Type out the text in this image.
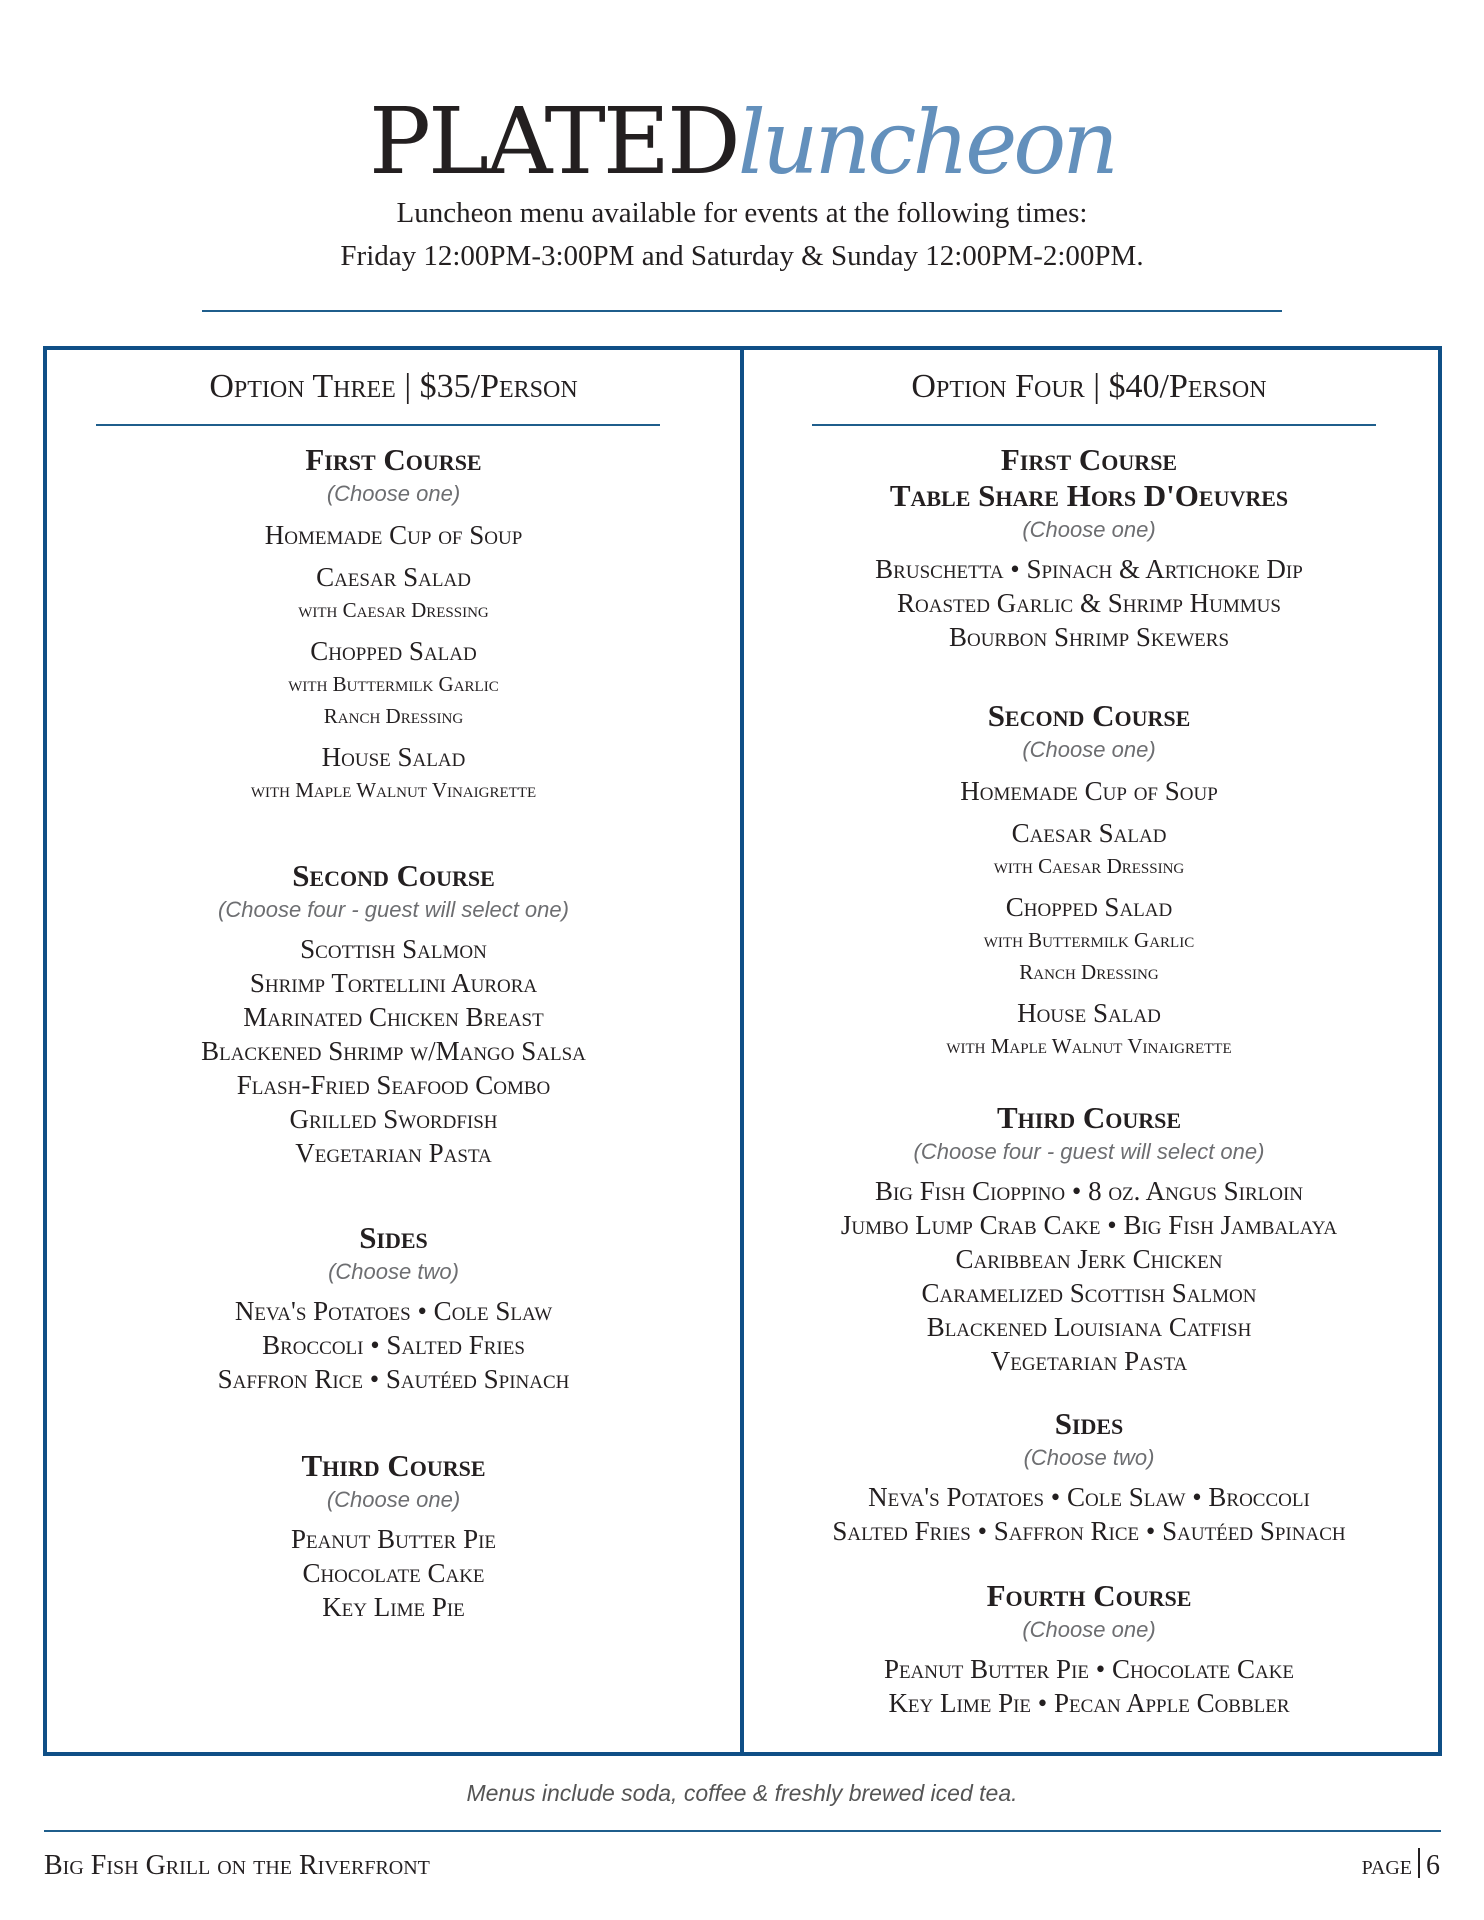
PLATEDluncheon
Luncheon menu available for events at the following times:
Friday 12:00PM-3:00PM and Saturday & Sunday 12:00PM-2:00PM.
Option Three | $35/Person
First Course
(Choose one)
Homemade Cup of Soup
Caesar Salad
with Caesar Dressing
Chopped Salad
with Buttermilk Garlic
Ranch Dressing
House Salad
with Maple Walnut Vinaigrette
Second Course
(Choose four - guest will select one)
Scottish Salmon
Shrimp Tortellini Aurora
Marinated Chicken Breast
Blackened Shrimp w/Mango Salsa
Flash-Fried Seafood Combo
Grilled Swordfish
Vegetarian Pasta
Sides
(Choose two)
Neva's Potatoes • Cole Slaw
Broccoli • Salted Fries
Saffron Rice • Sautéed Spinach
Third Course
(Choose one)
Peanut Butter Pie
Chocolate Cake
Key Lime Pie
Option Four | $40/Person
First Course
Table Share Hors D'Oeuvres
(Choose one)
Bruschetta • Spinach & Artichoke Dip
Roasted Garlic & Shrimp Hummus
Bourbon Shrimp Skewers
Second Course
(Choose one)
Homemade Cup of Soup
Caesar Salad
with Caesar Dressing
Chopped Salad
with Buttermilk Garlic
Ranch Dressing
House Salad
with Maple Walnut Vinaigrette
Third Course
(Choose four - guest will select one)
Big Fish Cioppino • 8 oz. Angus Sirloin
Jumbo Lump Crab Cake • Big Fish Jambalaya
Caribbean Jerk Chicken
Caramelized Scottish Salmon
Blackened Louisiana Catfish
Vegetarian Pasta
Sides
(Choose two)
Neva's Potatoes • Cole Slaw • Broccoli
Salted Fries • Saffron Rice • Sautéed Spinach
Fourth Course
(Choose one)
Peanut Butter Pie • Chocolate Cake
Key Lime Pie • Pecan Apple Cobbler
Menus include soda, coffee & freshly brewed iced tea.
Big Fish Grill on the Riverfront	page 6
